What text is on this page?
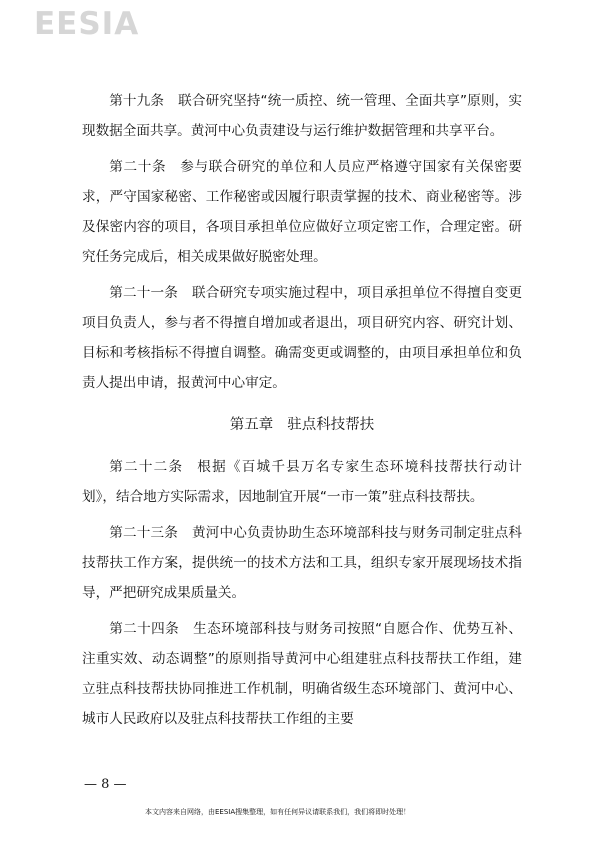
EESIA

第十九条 联合研究坚持“统一质控、统一管理、全面共享”原则，实现数据全面共享。黄河中心负责建设与运行维护数据管理和共享平台。

第二十条 参与联合研究的单位和人员应严格遵守国家有关保密要求，严守国家秘密、工作秘密或因履行职责掌握的技术、商业秘密等。涉及保密内容的项目，各项目承担单位应做好立项定密工作，合理定密。研究任务完成后，相关成果做好脱密处理。

第二十一条 联合研究专项实施过程中，项目承担单位不得擅自变更项目负责人，参与者不得擅自增加或者退出，项目研究内容、研究计划、目标和考核指标不得擅自调整。确需变更或调整的，由项目承担单位和负责人提出申请，报黄河中心审定。

第五章 驻点科技帮扶

第二十二条 根据《百城千县万名专家生态环境科技帮扶行动计划》，结合地方实际需求，因地制宜开展“一市一策”驻点科技帮扶。

第二十三条 黄河中心负责协助生态环境部科技与财务司制定驻点科技帮扶工作方案，提供统一的技术方法和工具，组织专家开展现场技术指导，严把研究成果质量关。

第二十四条 生态环境部科技与财务司按照“自愿合作、优势互补、注重实效、动态调整”的原则指导黄河中心组建驻点科技帮扶工作组，建立驻点科技帮扶协同推进工作机制，明确省级生态环境部门、黄河中心、城市人民政府以及驻点科技帮扶工作组的主要

— 8 —
本文内容来自网络，由EESIA搜集整理，如有任何异议请联系我们，我们将即时处理！
